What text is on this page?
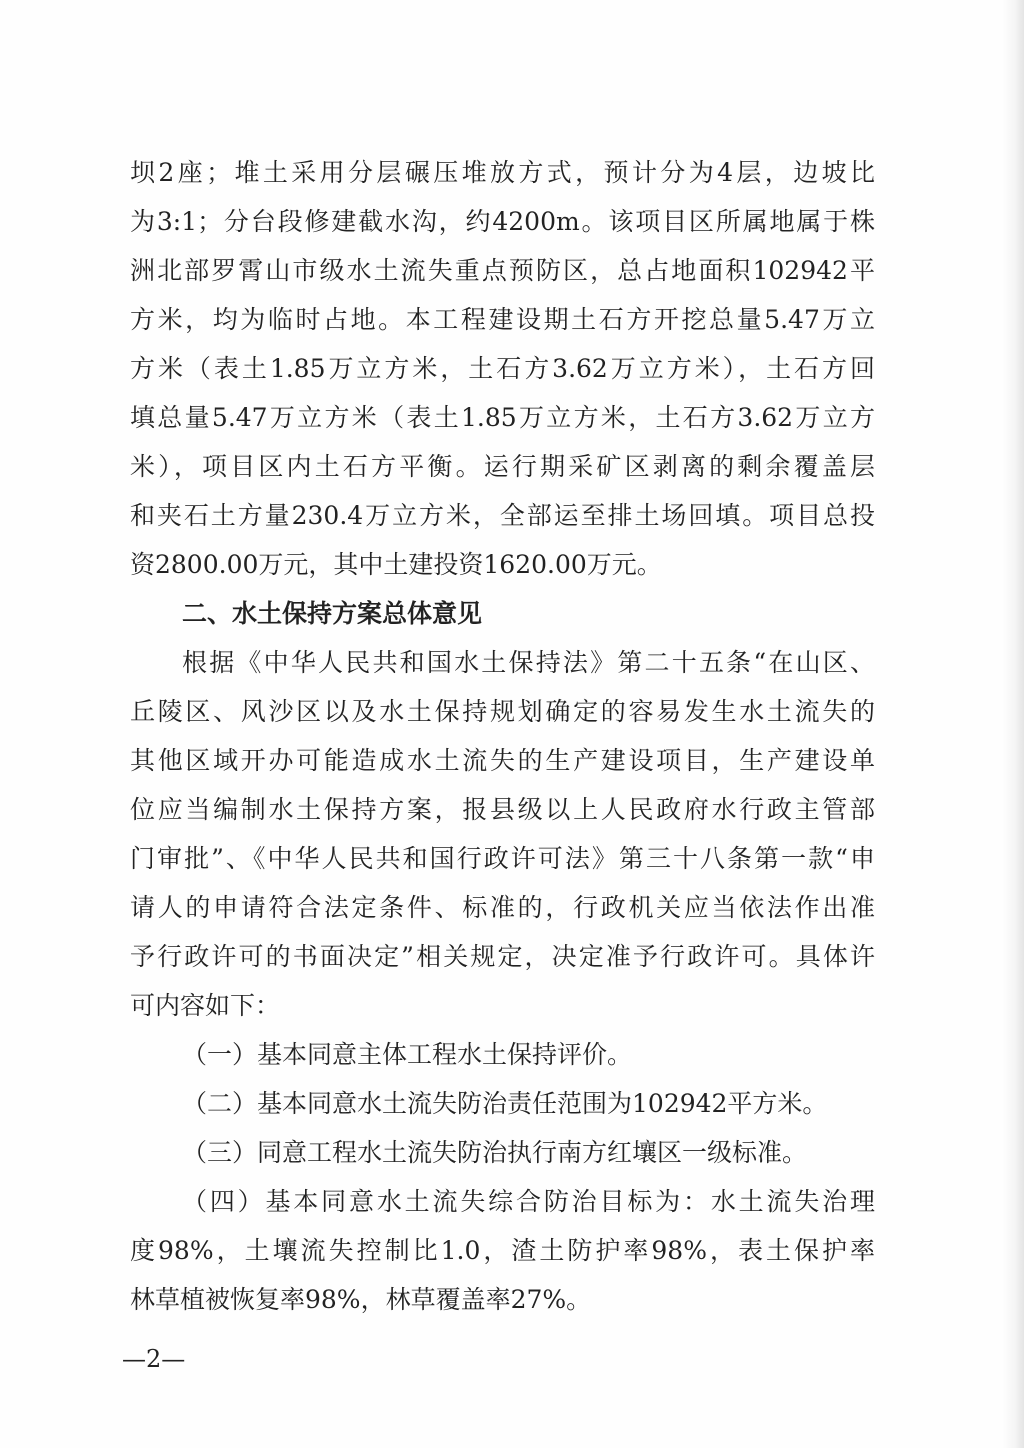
坝2座；堆土采用分层碾压堆放方式，预计分为4层，边坡比
为3:1；分台段修建截水沟，约4200m。该项目区所属地属于株
洲北部罗霄山市级水土流失重点预防区，总占地面积102942平
方米，均为临时占地。本工程建设期土石方开挖总量5.47万立
方米（表土1.85万立方米，土石方3.62万立方米），土石方回
填总量5.47万立方米（表土1.85万立方米，土石方3.62万立方
米），项目区内土石方平衡。运行期采矿区剥离的剩余覆盖层
和夹石土方量230.4万立方米，全部运至排土场回填。项目总投
资2800.00万元，其中土建投资1620.00万元。
二、水土保持方案总体意见
根据《中华人民共和国水土保持法》第二十五条“在山区、
丘陵区、风沙区以及水土保持规划确定的容易发生水土流失的
其他区域开办可能造成水土流失的生产建设项目，生产建设单
位应当编制水土保持方案，报县级以上人民政府水行政主管部
门审批”、《中华人民共和国行政许可法》第三十八条第一款“申
请人的申请符合法定条件、标准的，行政机关应当依法作出准
予行政许可的书面决定”相关规定，决定准予行政许可。具体许
可内容如下：
（一）基本同意主体工程水土保持评价。
（二）基本同意水土流失防治责任范围为102942平方米。
（三）同意工程水土流失防治执行南方红壤区一级标准。
（四）基本同意水土流失综合防治目标为：水土流失治理
度98%，土壤流失控制比1.0，渣土防护率98%，表土保护率
林草植被恢复率98%，林草覆盖率27%。
—2—
